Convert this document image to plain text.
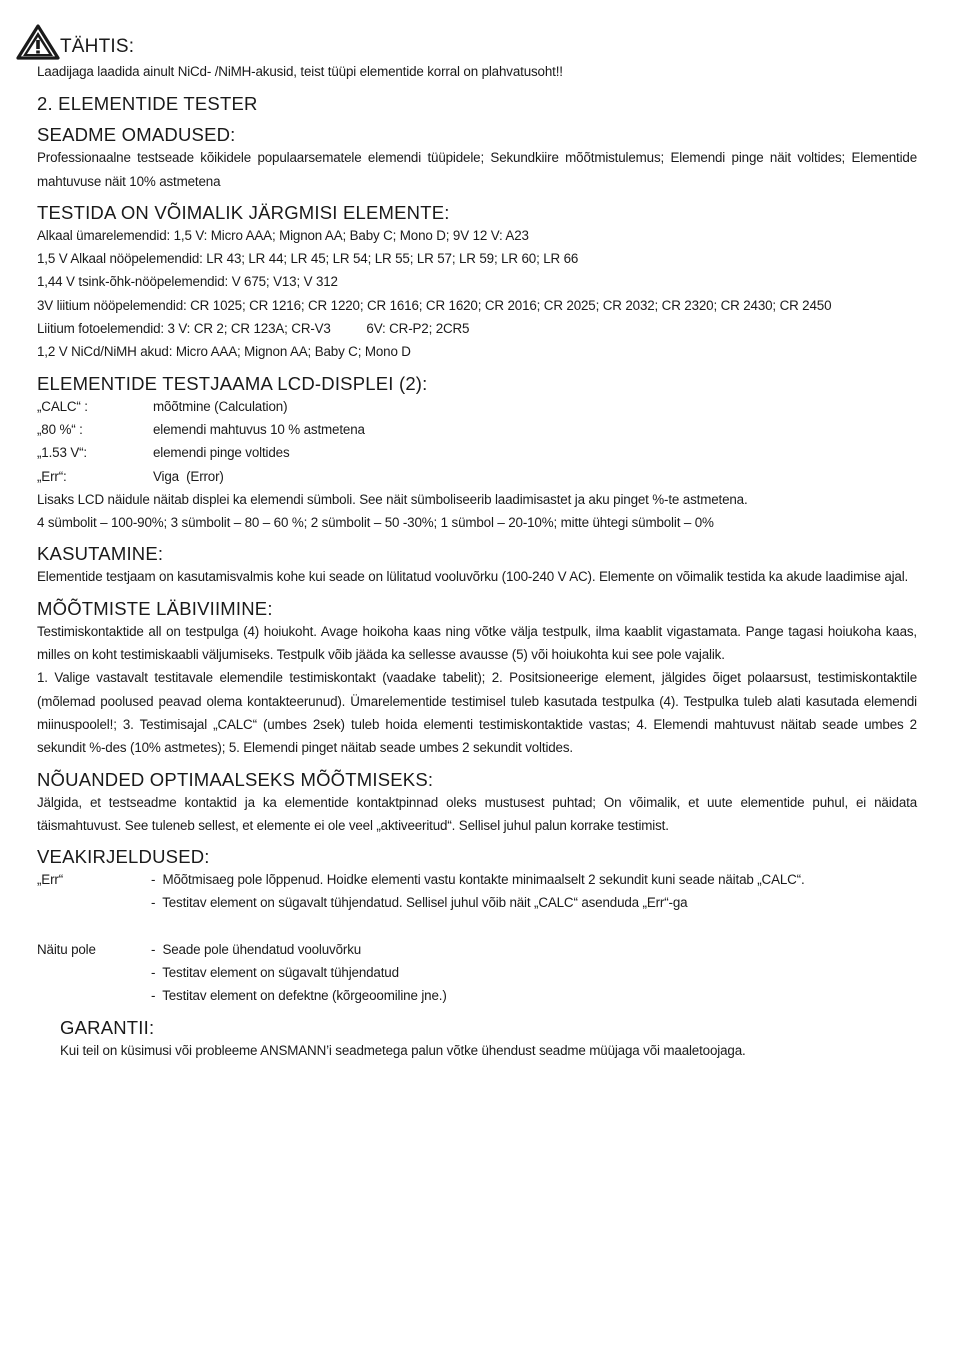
TÄHTIS:

Laadijaga laadida ainult NiCd- /NiMH-akusid, teist tüüpi elementide korral on plahvatusoht!!

2. ELEMENTIDE TESTER
SEADME OMADUSED:

Professionaalne testseade kõikidele populaarsematele elemendi tüüpidele; Sekundkiire mõõtmistulemus; Elemendi pinge näit voltides; Elementide mahtuvuse näit 10% astmetena

TESTIDA ON VÕIMALIK JÄRGMISI ELEMENTE:
Alkaal ümarelemendid: 1,5 V: Micro AAA; Mignon AA; Baby C; Mono D; 9V 12 V: A23
1,5 V Alkaal nööpelemendid: LR 43; LR 44; LR 45; LR 54; LR 55; LR 57; LR 59; LR 60; LR 66
1,44 V tsink-õhk-nööpelemendid: V 675; V13; V 312
3V liitium nööpelemendid: CR 1025; CR 1216; CR 1220; CR 1616; CR 1620; CR 2016; CR 2025; CR 2032; CR 2320; CR 2430; CR 2450
Liitium fotoelemendid: 3 V: CR 2; CR 123A; CR-V3          6V: CR-P2; 2CR5
1,2 V NiCd/NiMH akud: Micro AAA; Mignon AA; Baby C; Mono D
ELEMENTIDE TESTJAAMA LCD-DISPLEI (2):
„CALC“ :	mõõtmine (Calculation)
„80 %“ :	elemendi mahtuvus 10 % astmetena
„1.53 V“:	elemendi pinge voltides
„Err“:	Viga  (Error)
Lisaks LCD näidule näitab displei ka elemendi sümboli. See näit sümboliseerib laadimisastet ja aku pinget %-te astmetena.
4 sümbolit – 100-90%; 3 sümbolit – 80 – 60 %; 2 sümbolit – 50 -30%; 1 sümbol – 20-10%; mitte ühtegi sümbolit – 0%
KASUTAMINE:

Elementide testjaam on kasutamisvalmis kohe kui seade on lülitatud vooluvõrku (100-240 V AC). Elemente on võimalik testida ka akude laadimise ajal.

MÕÕTMISTE LÄBIVIIMINE:

Testimiskontaktide all on testpulga (4) hoiukoht. Avage hoikoha kaas ning võtke välja testpulk, ilma kaablit vigastamata. Pange tagasi hoiukoha kaas, milles on koht testimiskaabli väljumiseks. Testpulk võib jääda ka sellesse avausse (5) või hoiukohta kui see pole vajalik.

1. Valige vastavalt testitavale elemendile testimiskontakt (vaadake tabelit); 2. Positsioneerige element, jälgides õiget polaarsust, testimiskontaktile (mõlemad poolused peavad olema kontakteerunud). Ümarelementide testimisel tuleb kasutada testpulka (4). Testpulka tuleb alati kasutada elemendi miinuspoolel!; 3. Testimisajal „CALC“ (umbes 2sek) tuleb hoida elementi testimiskontaktide vastas; 4. Elemendi mahtuvust näitab seade umbes 2 sekundit %-des (10% astmetes); 5. Elemendi pinget näitab seade umbes 2 sekundit voltides.

NÕUANDED OPTIMAALSEKS MÕÕTMISEKS:

Jälgida, et testseadme kontaktid ja ka elementide kontaktpinnad oleks mustusest puhtad; On võimalik, et uute elementide puhul, ei näidata täismahtuvust. See tuleneb sellest, et elemente ei ole veel „aktiveeritud“. Sellisel juhul palun korrake testimist.

VEAKIRJELDUSED:
„Err“	-  Mõõtmisaeg pole lõppenud. Hoidke elementi vastu kontakte minimaalselt 2 sekundit kuni seade näitab „CALC“.
-  Testitav element on sügavalt tühjendatud. Sellisel juhul võib näit „CALC“ asenduda „Err“-ga
Näitu pole	-  Seade pole ühendatud vooluvõrku
-  Testitav element on sügavalt tühjendatud
-  Testitav element on defektne (kõrgeoomiline jne.)
GARANTII:

Kui teil on küsimusi või probleeme ANSMANN’i seadmetega palun võtke ühendust seadme müüjaga või maaletoojaga.
